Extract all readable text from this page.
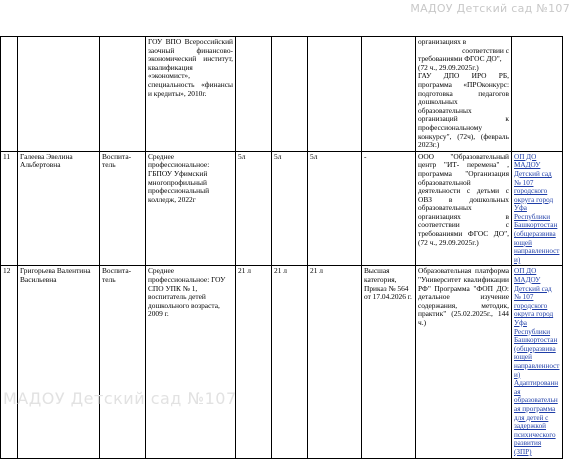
МАДОУ Детский сад №107
			ГОУ ВПО Всероссийский заочный финансово-экономический институт, квалификация «экономист», специальность «финансы и кредиты», 2010г.					организациях в
соответствии с
требованиями ФГОС ДО",
(72 ч., 29.09.2025г.)
ГАУ ДПО ИРО РБ, программа «ПРОконкурс: подготовка педагогов дошкольных образовательных организаций к профессиональному конкурсу", (72ч), (февраль 2023г.)	

11	Галеева Эвелина Альбертовна	Воспита-тель	Среднее профессиональное: ГБПОУ Уфимский многопрофильный профессиональный колледж, 2022г	5л	5л	5л	-	ООО "Образовательный центр "ИТ- перемена" , программа "Организация образовательной деятельности с детьми с ОВЗ в дошкольных образовательных организациях в соответствии с требованиями ФГОС ДО", (72 ч., 29.09.2025г.)	ОП ДО МАДОУ Детский сад № 107 городского округа город Уфа Республики Башкортостан (общеразвивающей направленности)
12	Григорьева Валентина Васильевна	Воспита-тель	Среднее профессиональное: ГОУ СПО УПК № 1, воспитатель детей дошкольного возраста, 2009 г.	21 л	21 л	21 л	Высшая категория, Приказ № 564 от 17.04.2026 г.	Образовательная платформа "Университет квалификации РФ" Программа "ФОП ДО: детальное изучение содержания, методик, практик" (25.02.2025г., 144 ч.)	ОП ДО МАДОУ Детский сад № 107 городского округа город Уфа Республики Башкортостан (общеразвивающей направленности) Адаптированная образовательная программа для детей с задержкой психического развития (ЗПР)
МАДОУ Детский сад №107
